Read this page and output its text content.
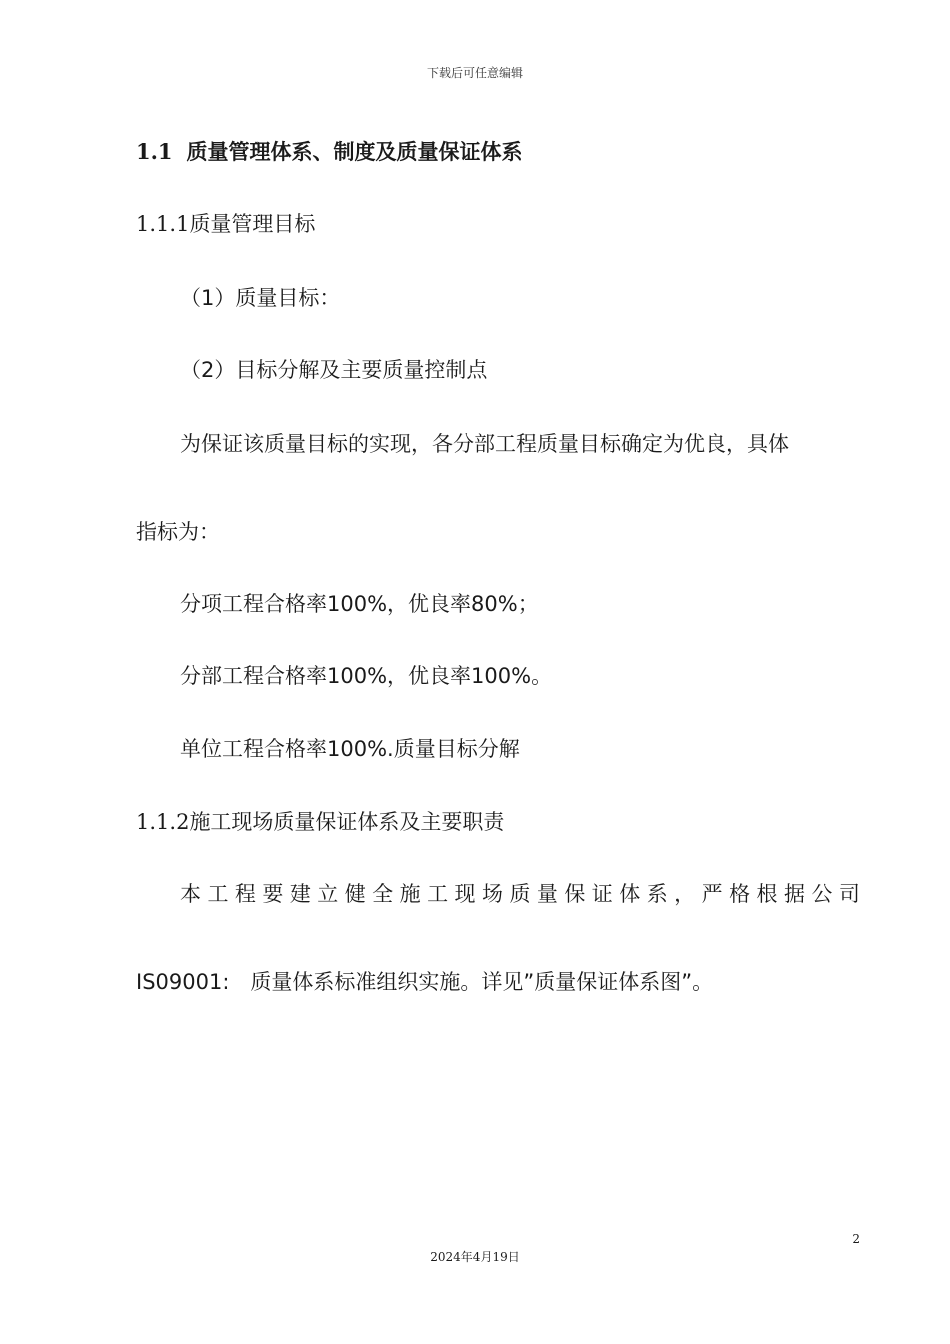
下载后可任意编辑
1.1 质量管理体系、制度及质量保证体系
1.1.1质量管理目标
（1）质量目标：
（2）目标分解及主要质量控制点
为保证该质量目标的实现，各分部工程质量目标确定为优良，具体
指标为：
分项工程合格率100%，优良率80%；
分部工程合格率100%，优良率100%。
单位工程合格率100%.质量目标分解
1.1.2施工现场质量保证体系及主要职责
本 工 程 要 建 立 健 全 施 工 现 场 质 量 保 证 体 系 ， 严 格 根 据 公 司
IS09001:　质量体系标准组织实施。详见”质量保证体系图”。
2
2024年4月19日
